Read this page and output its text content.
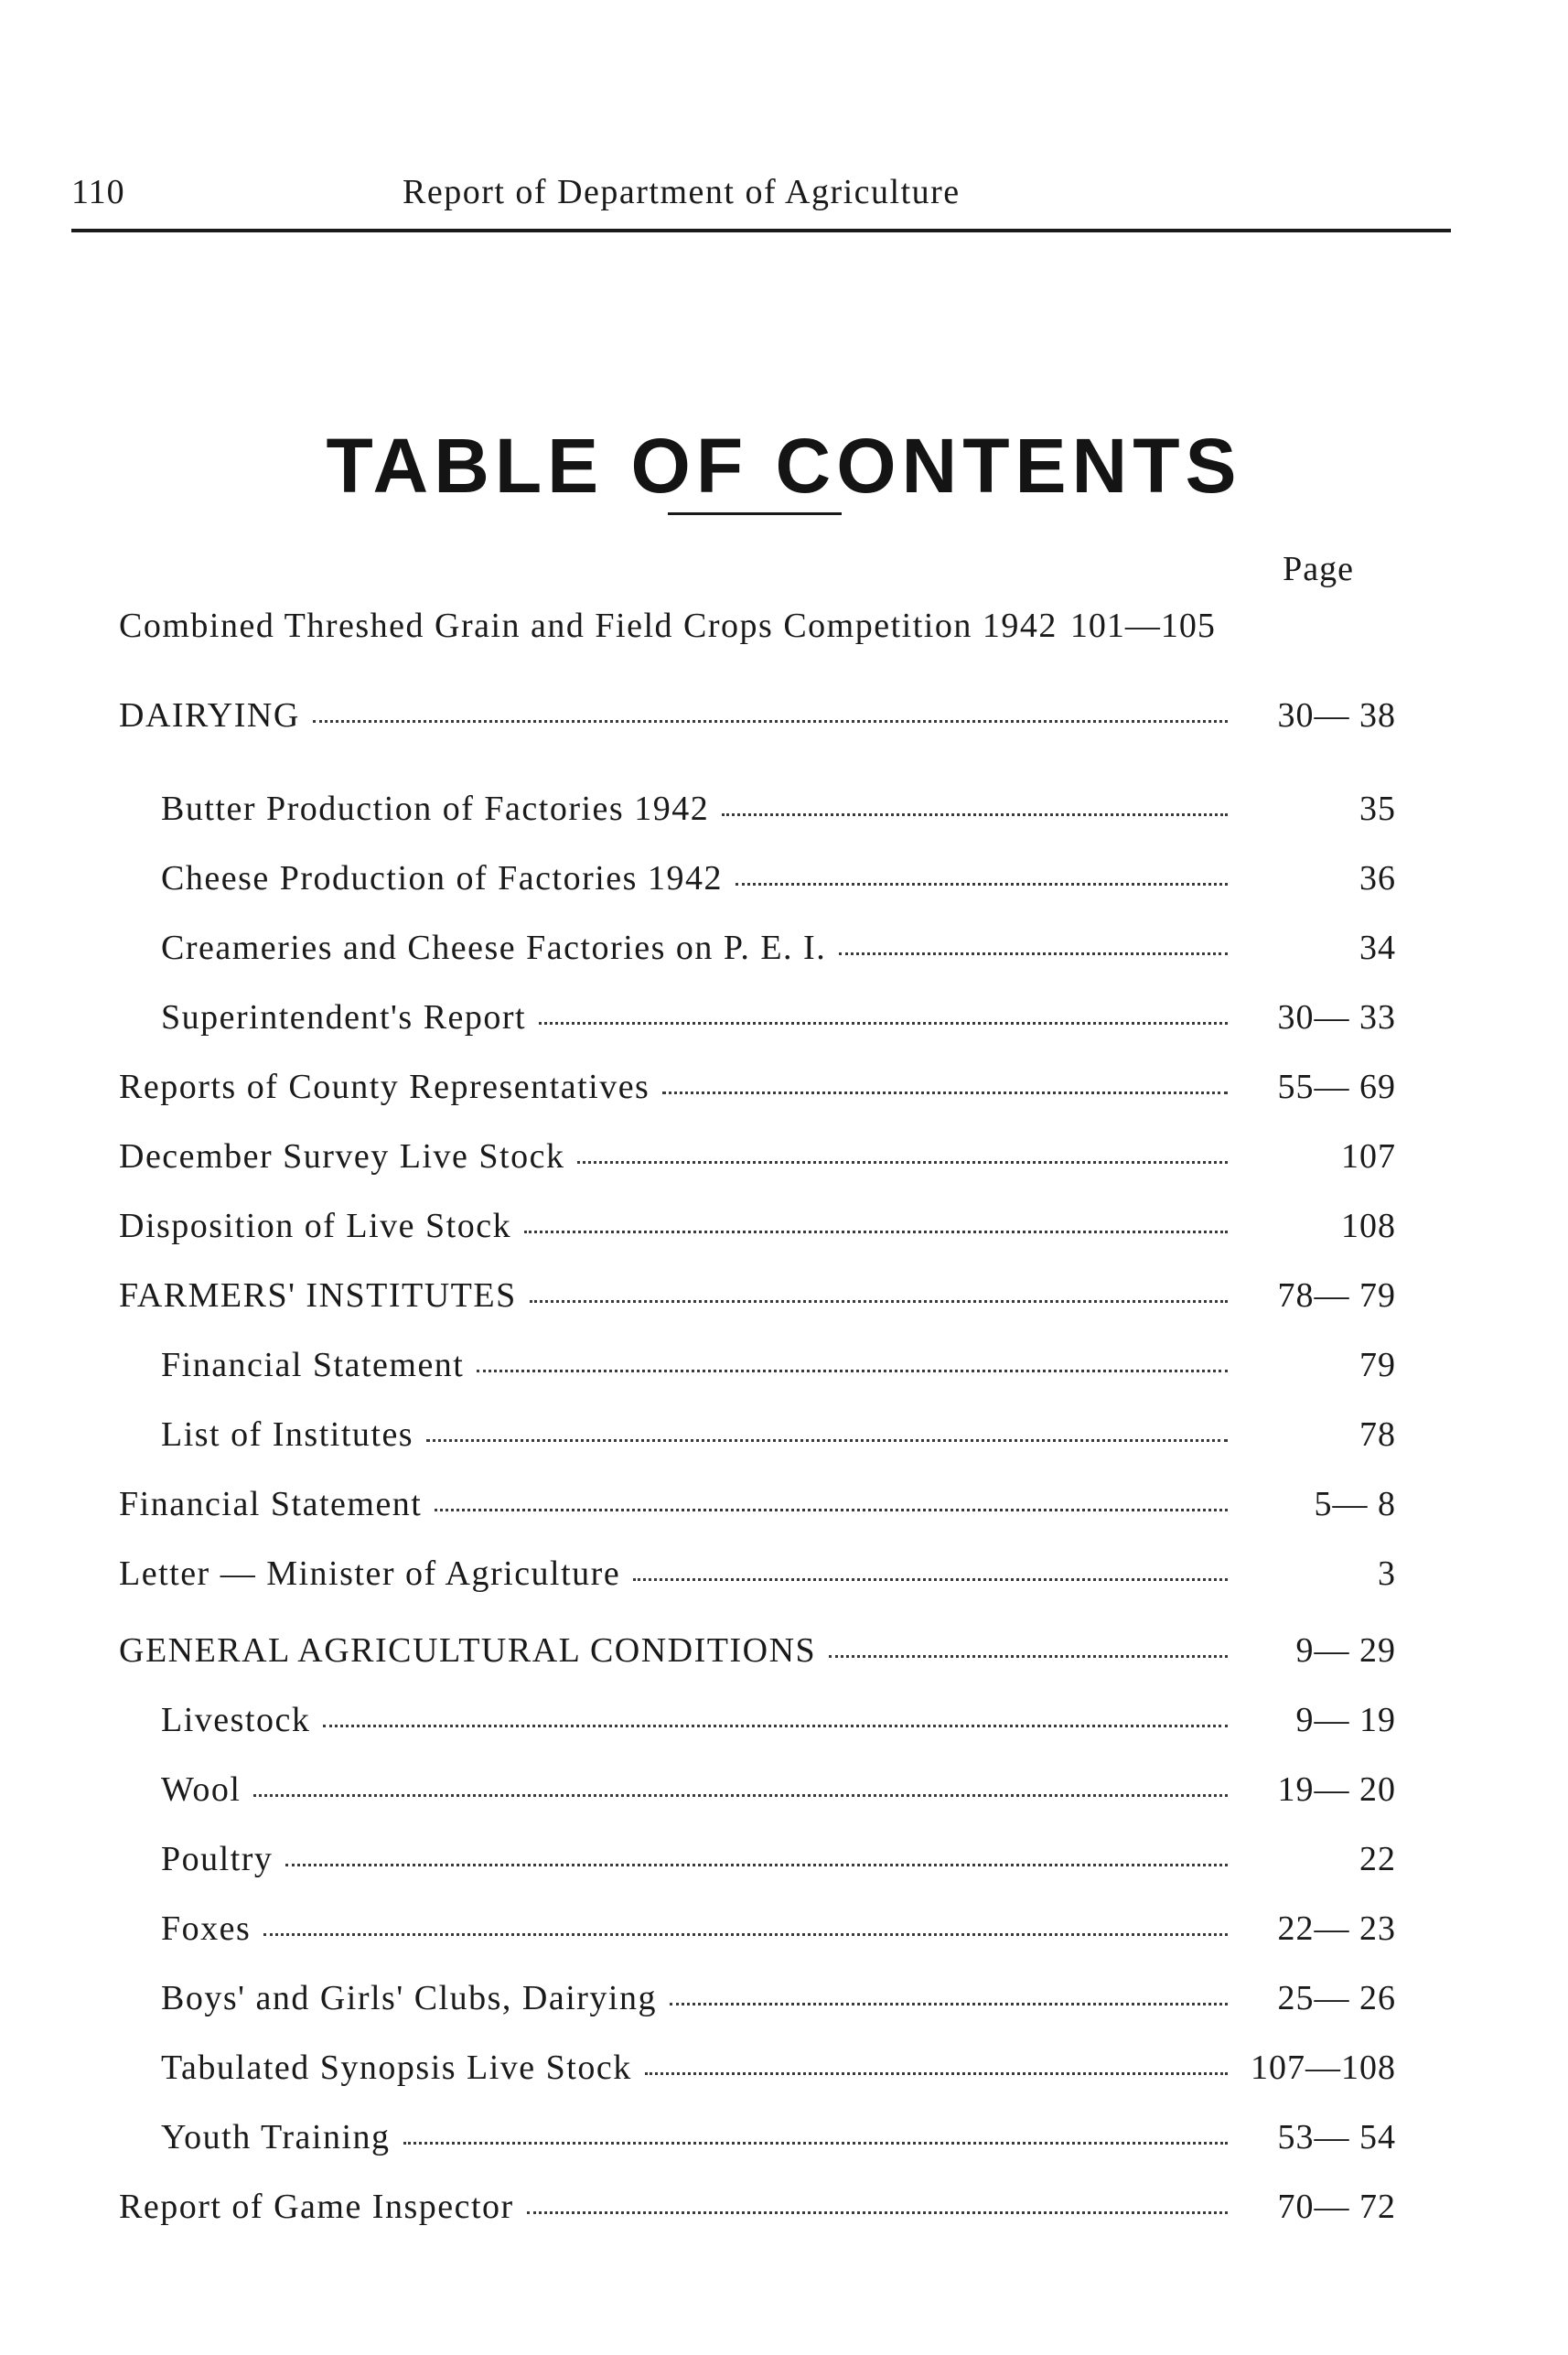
110	Report of Department of Agriculture
TABLE OF CONTENTS
Page
Combined Threshed Grain and Field Crops Competition 1942 101—105
DAIRYING	30— 38
Butter Production of Factories 1942	35
Cheese Production of Factories 1942	36
Creameries and Cheese Factories on P. E. I.	34
Superintendent's Report	30— 33
Reports of County Representatives	55— 69
December Survey Live Stock	107
Disposition of Live Stock	108
FARMERS' INSTITUTES	78— 79
Financial Statement	79
List of Institutes	78
Financial Statement	5— 8
Letter — Minister of Agriculture	3
GENERAL AGRICULTURAL CONDITIONS	9— 29
Livestock	9— 19
Wool	19— 20
Poultry	22
Foxes	22— 23
Boys' and Girls' Clubs, Dairying	25— 26
Tabulated Synopsis Live Stock	107—108
Youth Training	53— 54
Report of Game Inspector	70— 72
